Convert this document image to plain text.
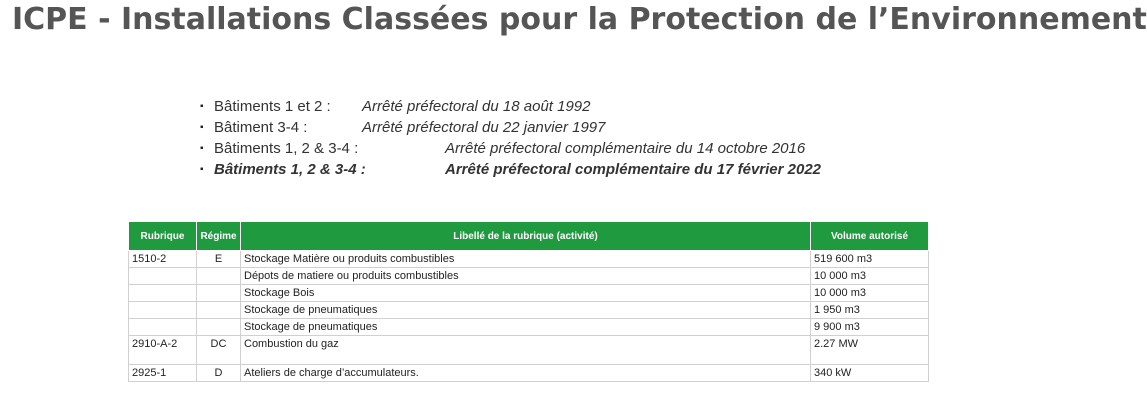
ICPE - Installations Classées pour la Protection de l’Environnement
▪ Bâtiments 1 et 2 : Arrêté préfectoral du 18 août 1992
▪ Bâtiment 3-4 :	Arrêté préfectoral du 22 janvier 1997
▪ Bâtiments 1, 2 & 3-4 :	Arrêté préfectoral complémentaire du 14 octobre 2016
▪ Bâtiments 1, 2 & 3-4 :	Arrêté préfectoral complémentaire du 17 février 2022
Rubrique	Régime	Libellé de la rubrique (activité)	Volume autorisé
1510-2	E	Stockage Matière ou produits combustibles	519 600 m3
		Dépots de matiere ou produits combustibles	10 000 m3
		Stockage Bois	10 000 m3
		Stockage de pneumatiques	1 950 m3
		Stockage de pneumatiques	9 900 m3
2910-A-2	DC	Combustion du gaz	2.27 MW
2925-1	D	Ateliers de charge d’accumulateurs.	340 kW
